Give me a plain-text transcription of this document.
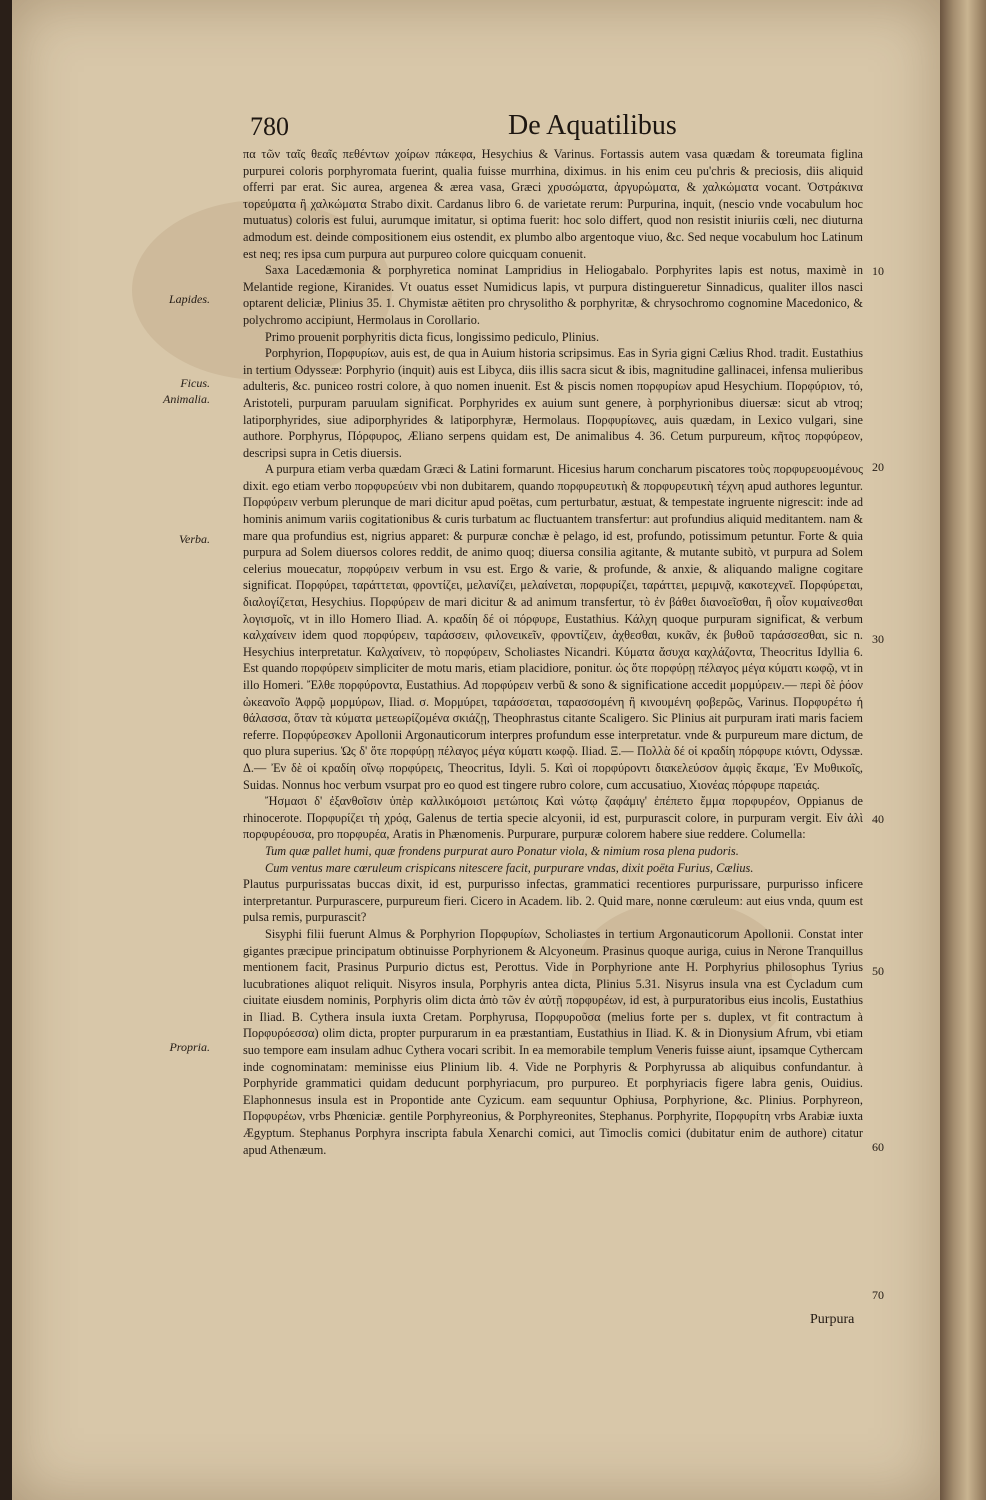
780	De Aquatilibus
Lapides.
Ficus.
Animalia.
Verba.
Propria.
10
20
30
40
50
60
70

πα τῶν ταῖς θεαῖς πεθέντων χοίρων πάκεφα, Hesychius & Varinus. Fortassis autem vasa quædam & toreumata figlina purpurei coloris porphyromata fuerint, qualia fuisse murrhina, diximus. in his enim ceu pu'chris & preciosis, diis aliquid offerri par erat. Sic aurea, argenea & ærea vasa, Græci χρυσώματα, ἀργυρώματα, & χαλκώματα vocant. Ὀστράκινα τορεύματα ἢ χαλκώματα Strabo dixit. Cardanus libro 6. de varietate rerum: Purpurina, inquit, (nescio vnde vocabulum hoc mutuatus) coloris est fului, aurumque imitatur, si optima fuerit: hoc solo differt, quod non resistit iniuriis cœli, nec diuturna admodum est. deinde compositionem eius ostendit, ex plumbo albo argentoque viuo, &c. Sed neque vocabulum hoc Latinum est neq; res ipsa cum purpura aut purpureo colore quicquam conuenit.

Saxa Lacedæmonia & porphyretica nominat Lampridius in Heliogabalo. Porphyrites lapis est notus, maximè in Melantide regione, Kiranides. Vt ouatus esset Numidicus lapis, vt purpura distingueretur Sinnadicus, qualiter illos nasci optarent deliciæ, Plinius 35. 1. Chymistæ aëtiten pro chrysolitho & porphyritæ, & chrysochromo cognomine Macedonico, & polychromo accipiunt, Hermolaus in Corollario.

Primo prouenit porphyritis dicta ficus, longissimo pediculo, Plinius.

Porphyrion, Πορφυρίων, auis est, de qua in Auium historia scripsimus. Eas in Syria gigni Cælius Rhod. tradit. Eustathius in tertium Odysseæ: Porphyrio (inquit) auis est Libyca, diis illis sacra sicut & ibis, magnitudine gallinacei, infensa mulieribus adulteris, &c. puniceo rostri colore, à quo nomen inuenit. Est & piscis nomen πορφυρίων apud Hesychium. Πορφύριον, τό, Aristoteli, purpuram paruulam significat. Porphyrides ex auium sunt genere, à porphyrionibus diuersæ: sicut ab vtroq; latiporphyrides, siue adiporphyrides & latiporphyræ, Hermolaus. Πορφυρίωνες, auis quædam, in Lexico vulgari, sine authore. Porphyrus, Πόρφυρος, Æliano serpens quidam est, De animalibus 4. 36. Cetum purpureum, κῆτος πορφύρεον, descripsi supra in Cetis diuersis.

A purpura etiam verba quædam Græci & Latini formarunt. Hicesius harum concharum piscatores τοὺς πορφυρευομένους dixit. ego etiam verbo πορφυρεύειν vbi non dubitarem, quando πορφυρευτικὴ & πορφυρευτικὴ τέχνη apud authores leguntur. Πορφύρειν verbum plerunque de mari dicitur apud poëtas, cum perturbatur, æstuat, & tempestate ingruente nigrescit: inde ad hominis animum variis cogitationibus & curis turbatum ac fluctuantem transfertur: aut profundius aliquid meditantem. nam & mare qua profundius est, nigrius apparet: & purpuræ conchæ è pelago, id est, profundo, potissimum petuntur. Forte & quia purpura ad Solem diuersos colores reddit, de animo quoq; diuersa consilia agitante, & mutante subitò, vt purpura ad Solem celerius mouecatur, πορφύρειν verbum in vsu est. Ergo & varie, & profunde, & anxie, & aliquando maligne cogitare significat. Πορφύρει, ταράττεται, φροντίζει, μελανίζει, μελαίνεται, πορφυρίζει, ταράττει, μεριμνᾷ, κακοτεχνεῖ. Πορφύρεται, διαλογίζεται, Hesychius. Πορφύρειν de mari dicitur & ad animum transfertur, τὸ ἐν βάθει διανοεῖσθαι, ἢ οἷον κυμαίνεσθαι λογισμοῖς, vt in illo Homero Iliad. A. κραδίη δέ οἱ πόρφυρε, Eustathius. Κάλχη quoque purpuram significat, & verbum καλχαίνειν idem quod πορφύρειν, ταράσσειν, φιλονεικεῖν, φροντίζειν, ἀχθεσθαι, κυκᾶν, ἐκ βυθοῦ ταράσσεσθαι, sic n. Hesychius interpretatur. Καλχαίνειν, τὸ πορφύρειν, Scholiastes Nicandri. Κύματα ἄσυχα καχλάζοντα, Theocritus Idyllia 6. Est quando πορφύρειν simpliciter de motu maris, etiam placidiore, ponitur. ὡς ὅτε πορφύρῃ πέλαγος μέγα κύματι κωφῷ, vt in illo Homeri. Ἔλθε πορφύροντα, Eustathius. Ad πορφύρειν verbũ & sono & significatione accedit μορμύρειν.— περὶ δὲ ῥόον ὠκεανοῖο Ἀφρῷ μορμύρων, Iliad. σ. Μορμύρει, ταράσσεται, ταρασσομένη ἢ κινουμένη φοβερῶς, Varinus. Πορφυρέτω ἡ θάλασσα, ὅταν τὰ κύματα μετεωρίζομένα σκιάζῃ, Theophrastus citante Scaligero. Sic Plinius ait purpuram irati maris faciem referre. Πορφύρεσκεν Apollonii Argonauticorum interpres profundum esse interpretatur. vnde & purpureum mare dictum, de quo plura superius. Ὡς δ' ὅτε πορφύρῃ πέλαγος μέγα κύματι κωφῷ. Iliad. Ξ.— Πολλὰ δέ οἱ κραδίη πόρφυρε κιόντι, Odyssæ. Δ.— Ἐν δὲ οἱ κραδίη οἴνῳ πορφύρεις, Theocritus, Idyli. 5. Καὶ οἱ πορφύροντι διακελεύσον ἀμφὶς ἔκαμε, Ἐν Μυθικοῖς, Suidas. Nonnus hoc verbum vsurpat pro eo quod est tingere rubro colore, cum accusatiuo, Χιονέας πόρφυρε παρειάς.

Ἤσμασι δ' ἐξανθοῖσιν ὑπὲρ καλλικόμοισι μετώποις Καὶ νώτῳ ζαφάμιγ' ἐπέπετο ἔμμα πορφυρέον, Oppianus de rhinocerote. Πορφυρίζει τὴ χρόᾳ, Galenus de tertia specie alcyonii, id est, purpurascit colore, in purpuram vergit. Εἰν ἀλὶ πορφυρέουσα, pro πορφυρέα, Aratis in Phænomenis. Purpurare, purpuræ colorem habere siue reddere. Columella:

Tum quæ pallet humi, quæ frondens purpurat auro Ponatur viola, & nimium rosa plena pudoris.

Cum ventus mare cœruleum crispicans nitescere facit, purpurare vndas, dixit poëta Furius, Cælius.

Plautus purpurissatas buccas dixit, id est, purpurisso infectas, grammatici recentiores purpurissare, purpurisso inficere interpretantur. Purpurascere, purpureum fieri. Cicero in Academ. lib. 2. Quid mare, nonne cœruleum: aut eius vnda, quum est pulsa remis, purpurascit?

Sisyphi filii fuerunt Almus & Porphyrion Πορφυρίων, Scholiastes in tertium Argonauticorum Apollonii. Constat inter gigantes præcipue principatum obtinuisse Porphyrionem & Alcyoneum. Prasinus quoque auriga, cuius in Nerone Tranquillus mentionem facit, Prasinus Purpurio dictus est, Perottus. Vide in Porphyrione ante H. Porphyrius philosophus Tyrius lucubrationes aliquot reliquit. Nisyros insula, Porphyris antea dicta, Plinius 5.31. Nisyrus insula vna est Cycladum cum ciuitate eiusdem nominis, Porphyris olim dicta ἀπὸ τῶν ἐν αὐτῇ πορφυρέων, id est, à purpuratoribus eius incolis, Eustathius in Iliad. B. Cythera insula iuxta Cretam. Porphyrusa, Πορφυροῦσα (melius forte per s. duplex, vt fit contractum à Πορφυρόεσσα) olim dicta, propter purpurarum in ea præstantiam, Eustathius in Iliad. K. & in Dionysium Afrum, vbi etiam suo tempore eam insulam adhuc Cythera vocari scribit. In ea memorabile templum Veneris fuisse aiunt, ipsamque Cythercam inde cognominatam: meminisse eius Plinium lib. 4. Vide ne Porphyris & Porphyrussa ab aliquibus confundantur. à Porphyride grammatici quidam deducunt porphyriacum, pro purpureo. Et porphyriacis figere labra genis, Ouidius. Elaphonnesus insula est in Propontide ante Cyzicum. eam sequuntur Ophiusa, Porphyrione, &c. Plinius. Porphyreon, Πορφυρέων, vrbs Phœniciæ. gentile Porphyreonius, & Porphyreonites, Stephanus. Porphyrite, Πορφυρίτη vrbs Arabiæ iuxta Ægyptum. Stephanus Porphyra inscripta fabula Xenarchi comici, aut Timoclis comici (dubitatur enim de authore) citatur apud Athenæum.

Purpura
